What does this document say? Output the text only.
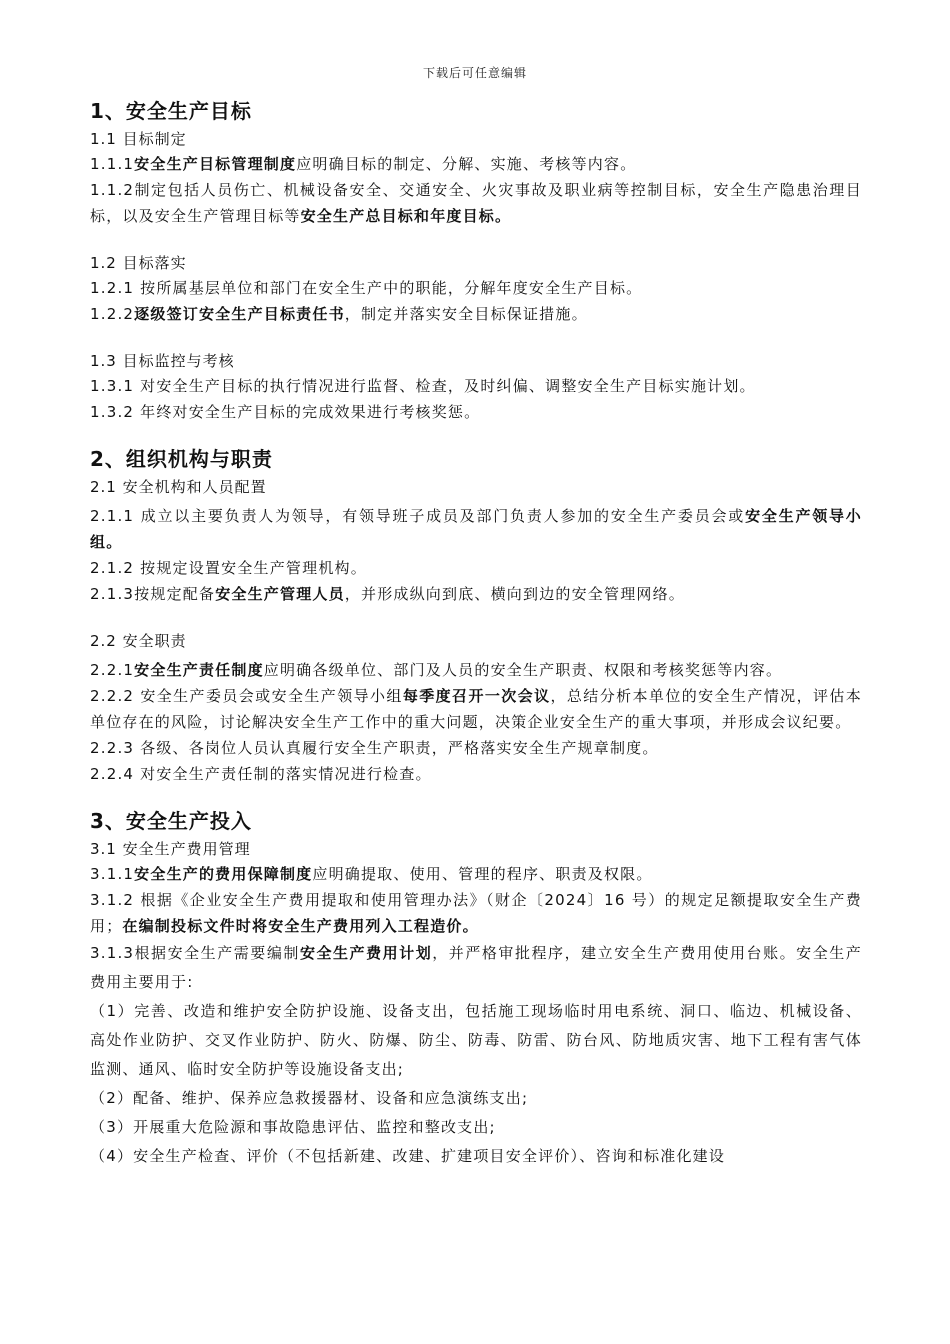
下载后可任意编辑
1、安全生产目标
1.1 目标制定

1.1.1安全生产目标管理制度应明确目标的制定、分解、实施、考核等内容。

1.1.2制定包括人员伤亡、机械设备安全、交通安全、火灾事故及职业病等控制目标，安全生产隐患治理目标，以及安全生产管理目标等安全生产总目标和年度目标。

1.2 目标落实

1.2.1 按所属基层单位和部门在安全生产中的职能，分解年度安全生产目标。

1.2.2逐级签订安全生产目标责任书，制定并落实安全目标保证措施。

1.3 目标监控与考核

1.3.1 对安全生产目标的执行情况进行监督、检查，及时纠偏、调整安全生产目标实施计划。

1.3.2 年终对安全生产目标的完成效果进行考核奖惩。

2、组织机构与职责
2.1 安全机构和人员配置

2.1.1 成立以主要负责人为领导，有领导班子成员及部门负责人参加的安全生产委员会或安全生产领导小组。

2.1.2 按规定设置安全生产管理机构。

2.1.3按规定配备安全生产管理人员，并形成纵向到底、横向到边的安全管理网络。

2.2 安全职责

2.2.1安全生产责任制度应明确各级单位、部门及人员的安全生产职责、权限和考核奖惩等内容。

2.2.2 安全生产委员会或安全生产领导小组每季度召开一次会议，总结分析本单位的安全生产情况，评估本单位存在的风险，讨论解决安全生产工作中的重大问题，决策企业安全生产的重大事项，并形成会议纪要。

2.2.3 各级、各岗位人员认真履行安全生产职责，严格落实安全生产规章制度。

2.2.4 对安全生产责任制的落实情况进行检查。

3、安全生产投入
3.1 安全生产费用管理

3.1.1安全生产的费用保障制度应明确提取、使用、管理的程序、职责及权限。

3.1.2 根据《企业安全生产费用提取和使用管理办法》（财企〔2024〕16 号）的规定足额提取安全生产费用；在编制投标文件时将安全生产费用列入工程造价。

3.1.3根据安全生产需要编制安全生产费用计划，并严格审批程序，建立安全生产费用使用台账。安全生产费用主要用于:

（1）完善、改造和维护安全防护设施、设备支出，包括施工现场临时用电系统、洞口、临边、机械设备、高处作业防护、交叉作业防护、防火、防爆、防尘、防毒、防雷、防台风、防地质灾害、地下工程有害气体监测、通风、临时安全防护等设施设备支出;

（2）配备、维护、保养应急救援器材、设备和应急演练支出;

（3）开展重大危险源和事故隐患评估、监控和整改支出;

（4）安全生产检查、评价（不包括新建、改建、扩建项目安全评价）、咨询和标准化建设
